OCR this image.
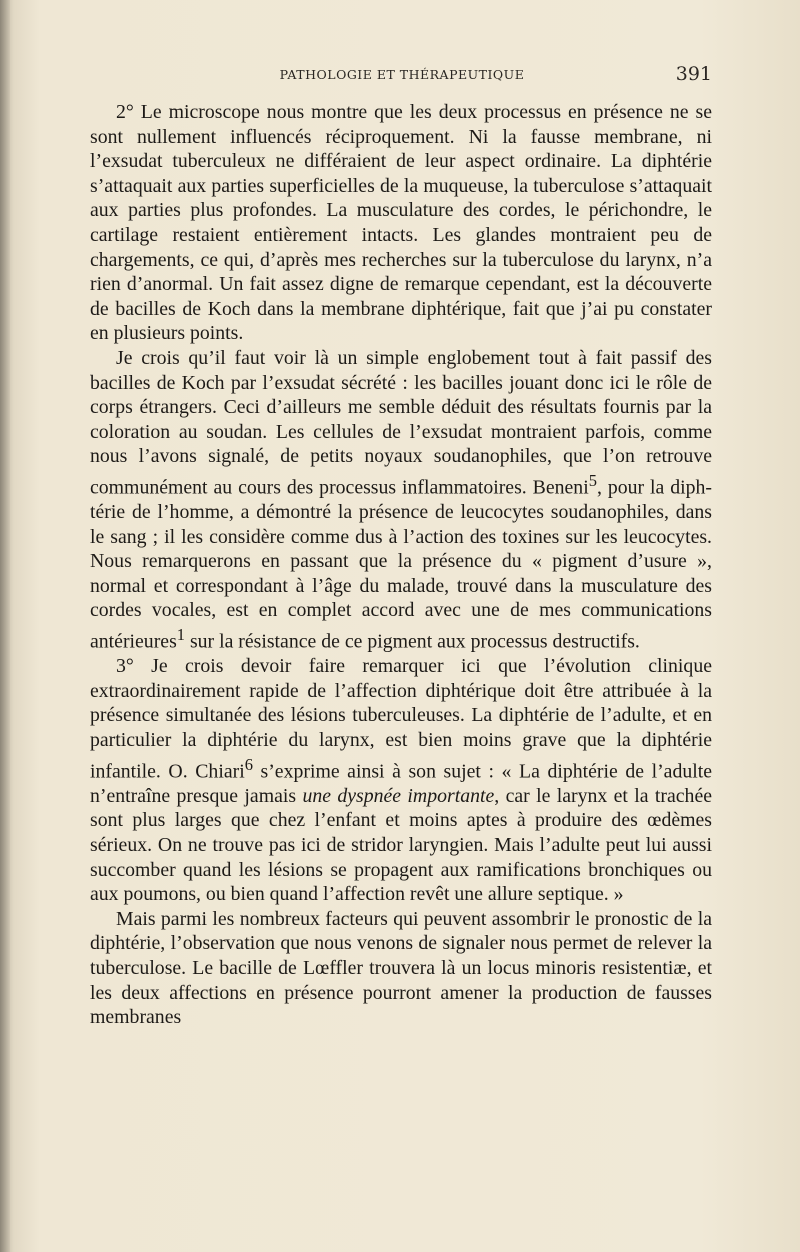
PATHOLOGIE ET THÉRAPEUTIQUE	391

2° Le microscope nous montre que les deux processus en présence ne se sont nullement influencés réciproquement. Ni la fausse membrane, ni l’exsudat tuberculeux ne différaient de leur aspect ordinaire. La diphtérie s’attaquait aux parties superficielles de la muqueuse, la tuberculose s’attaquait aux parties plus profondes. La musculature des cordes, le périchondre, le cartilage restaient entièrement intacts. Les glandes montraient peu de chargements, ce qui, d’après mes recherches sur la tuberculose du larynx, n’a rien d’anormal. Un fait assez digne de remarque cependant, est la découverte de bacilles de Koch dans la membrane diphtérique, fait que j’ai pu constater en plusieurs points.

Je crois qu’il faut voir là un simple englobement tout à fait passif des bacilles de Koch par l’exsudat sécrété : les bacilles jouant donc ici le rôle de corps étrangers. Ceci d’ailleurs me semble déduit des résultats fournis par la coloration au soudan. Les cellules de l’exsudat montraient parfois, comme nous l’avons signalé, de petits noyaux soudanophiles, que l’on retrouve communément au cours des processus inflammatoires. Beneni$^5$, pour la diphtérie de l’homme, a démontré la présence de leucocytes soudanophiles, dans le sang ; il les considère comme dus à l’action des toxines sur les leucocytes. Nous remarquerons en passant que la présence du « pigment d’usure », normal et correspondant à l’âge du malade, trouvé dans la musculature des cordes vocales, est en complet accord avec une de mes communications antérieures$^1$ sur la résistance de ce pigment aux processus destructifs.

3° Je crois devoir faire remarquer ici que l’évolution clinique extraordinairement rapide de l’affection diphtérique doit être attribuée à la présence simultanée des lésions tuberculeuses. La diphtérie de l’adulte, et en particulier la diphtérie du larynx, est bien moins grave que la diphtérie infantile. O. Chiari$^6$ s’exprime ainsi à son sujet : « La diphtérie de l’adulte n’entraîne presque jamais une dyspnée importante, car le larynx et la trachée sont plus larges que chez l’enfant et moins aptes à produire des œdèmes sérieux. On ne trouve pas ici de stridor laryngien. Mais l’adulte peut lui aussi succomber quand les lésions se propagent aux ramifications bronchiques ou aux poumons, ou bien quand l’affection revêt une allure septique. »

Mais parmi les nombreux facteurs qui peuvent assombrir le pronostic de la diphtérie, l’observation que nous venons de signaler nous permet de relever la tuberculose. Le bacille de Lœffler trouvera là un locus minoris resistentiæ, et les deux affections en présence pourront amener la production de fausses membranes
